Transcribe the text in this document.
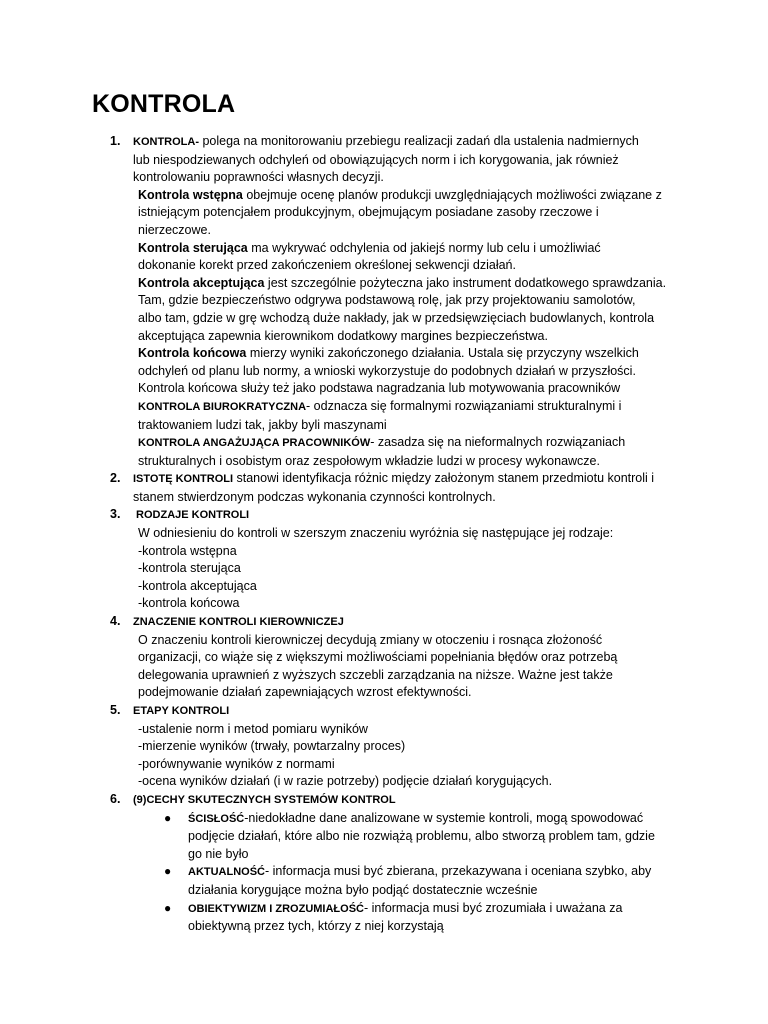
KONTROLA
1. KONTROLA- polega na monitorowaniu przebiegu realizacji zadań dla ustalenia nadmiernych
lub niespodziewanych odchyleń od obowiązujących norm i ich korygowania, jak również
kontrolowaniu poprawności własnych decyzji.
Kontrola wstępna obejmuje ocenę planów produkcji uwzględniających możliwości związane z
istniejącym potencjałem produkcyjnym, obejmującym posiadane zasoby rzeczowe i
nierzeczowe.
Kontrola sterująca ma wykrywać odchylenia od jakiejś normy lub celu i umożliwiać
dokonanie korekt przed zakończeniem określonej sekwencji działań.
Kontrola akceptująca jest szczególnie pożyteczna jako instrument dodatkowego sprawdzania.
Tam, gdzie bezpieczeństwo odgrywa podstawową rolę, jak przy projektowaniu samolotów,
albo tam, gdzie w grę wchodzą duże nakłady, jak w przedsięwzięciach budowlanych, kontrola
akceptująca zapewnia kierownikom dodatkowy margines bezpieczeństwa.
Kontrola końcowa mierzy wyniki zakończonego działania. Ustala się przyczyny wszelkich
odchyleń od planu lub normy, a wnioski wykorzystuje do podobnych działań w przyszłości.
Kontrola końcowa służy też jako podstawa nagradzania lub motywowania pracowników
KONTROLA BIUROKRATYCZNA- odznacza się formalnymi rozwiązaniami strukturalnymi i
traktowaniem ludzi tak, jakby byli maszynami
KONTROLA ANGAŻUJĄCA PRACOWNIKÓW- zasadza się na nieformalnych rozwiązaniach
strukturalnych i osobistym oraz zespołowym wkładzie ludzi w procesy wykonawcze.
2. ISTOTĘ KONTROLI stanowi identyfikacja różnic między założonym stanem przedmiotu kontroli i
stanem stwierdzonym podczas wykonania czynności kontrolnych.
3. RODZAJE KONTROLI
W odniesieniu do kontroli w szerszym znaczeniu wyróżnia się następujące jej rodzaje:
-kontrola wstępna
-kontrola sterująca
-kontrola akceptująca
-kontrola końcowa
4. ZNACZENIE KONTROLI KIEROWNICZEJ
O znaczeniu kontroli kierowniczej decydują zmiany w otoczeniu i rosnąca złożoność
organizacji, co wiąże się z większymi możliwościami popełniania błędów oraz potrzebą
delegowania uprawnień z wyższych szczebli zarządzania na niższe. Ważne jest także
podejmowanie działań zapewniających wzrost efektywności.
5. ETAPY KONTROLI
-ustalenie norm i metod pomiaru wyników
-mierzenie wyników (trwały, powtarzalny proces)
-porównywanie wyników z normami
-ocena wyników działań (i w razie potrzeby) podjęcie działań korygujących.
6. (9)CECHY SKUTECZNYCH SYSTEMÓW KONTROL
● ŚCISŁOŚĆ-niedokładne dane analizowane w systemie kontroli, mogą spowodować
podjęcie działań, które albo nie rozwiążą problemu, albo stworzą problem tam, gdzie
go nie było
● AKTUALNOŚĆ- informacja musi być zbierana, przekazywana i oceniana szybko, aby
działania korygujące można było podjąć dostatecznie wcześnie
● OBIEKTYWIZM I ZROZUMIAŁOŚĆ- informacja musi być zrozumiała i uważana za
obiektywną przez tych, którzy z niej korzystają
